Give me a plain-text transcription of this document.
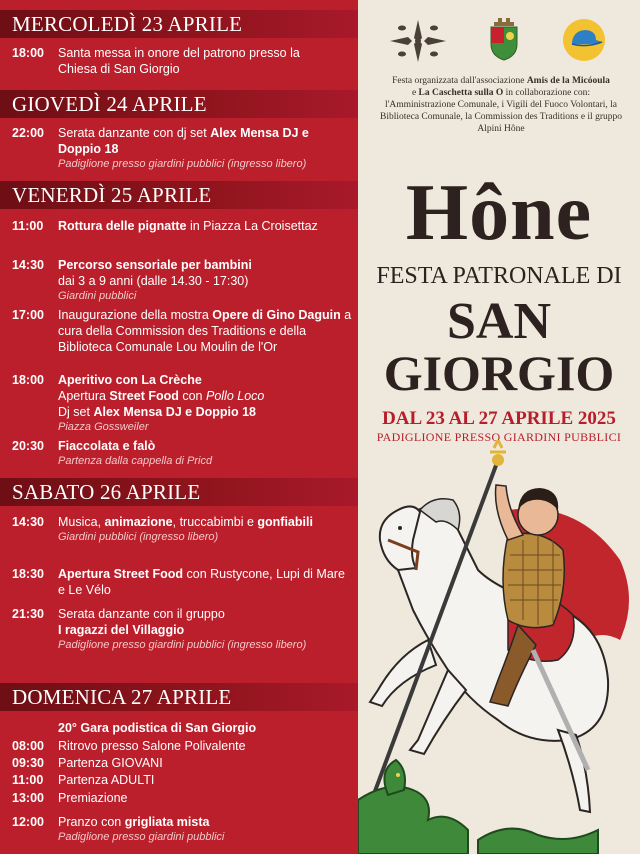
MERCOLEDÌ 23 APRILE
18:00	Santa messa in onore del patrono presso la
Chiesa di San Giorgio
GIOVEDÌ 24 APRILE
22:00	Serata danzante con dj set Alex Mensa DJ e Doppio 18
Padiglione presso giardini pubblici (ingresso libero)
VENERDÌ 25 APRILE
11:00	Rottura delle pignatte in Piazza La Croisettaz
14:30	Percorso sensoriale per bambini
dai 3 a 9 anni (dalle 14.30 - 17:30)
Giardini pubblici
17:00	Inaugurazione della mostra Opere di Gino Daguin a cura della Commission des Traditions e della Biblioteca Comunale Lou Moulin de l'Or
18:00	Aperitivo con La Crèche
Apertura Street Food con Pollo Loco
Dj set Alex Mensa DJ e Doppio 18
Piazza Gossweiler
20:30	Fiaccolata e falò
Partenza dalla cappella di Pricd
SABATO 26 APRILE
14:30	Musica, animazione, truccabimbi e gonfiabili
Giardini pubblici (ingresso libero)
18:30	Apertura Street Food con Rustycone, Lupi di Mare e Le Vélo
21:30	Serata danzante con il gruppo
I ragazzi del Villaggio
Padiglione presso giardini pubblici (ingresso libero)
DOMENICA 27 APRILE
20° Gara podistica di San Giorgio
08:00	Ritrovo presso Salone Polivalente
09:30	Partenza GIOVANI
11:00	Partenza ADULTI
13:00	Premiazione
12:00	Pranzo con grigliata mista
Padiglione presso giardini pubblici
Festa organizzata dall'associazione Amis de la Micóoula
e La Caschetta sulla O in collaborazione con:
l'Amministrazione Comunale, i Vigili del Fuoco Volontari, la
Biblioteca Comunale, la Commission des Traditions e il gruppo
Alpini Hône
Hône
FESTA PATRONALE DI
SAN
GIORGIO
DAL 23 AL 27 APRILE 2025
PADIGLIONE PRESSO GIARDINI PUBBLICI
